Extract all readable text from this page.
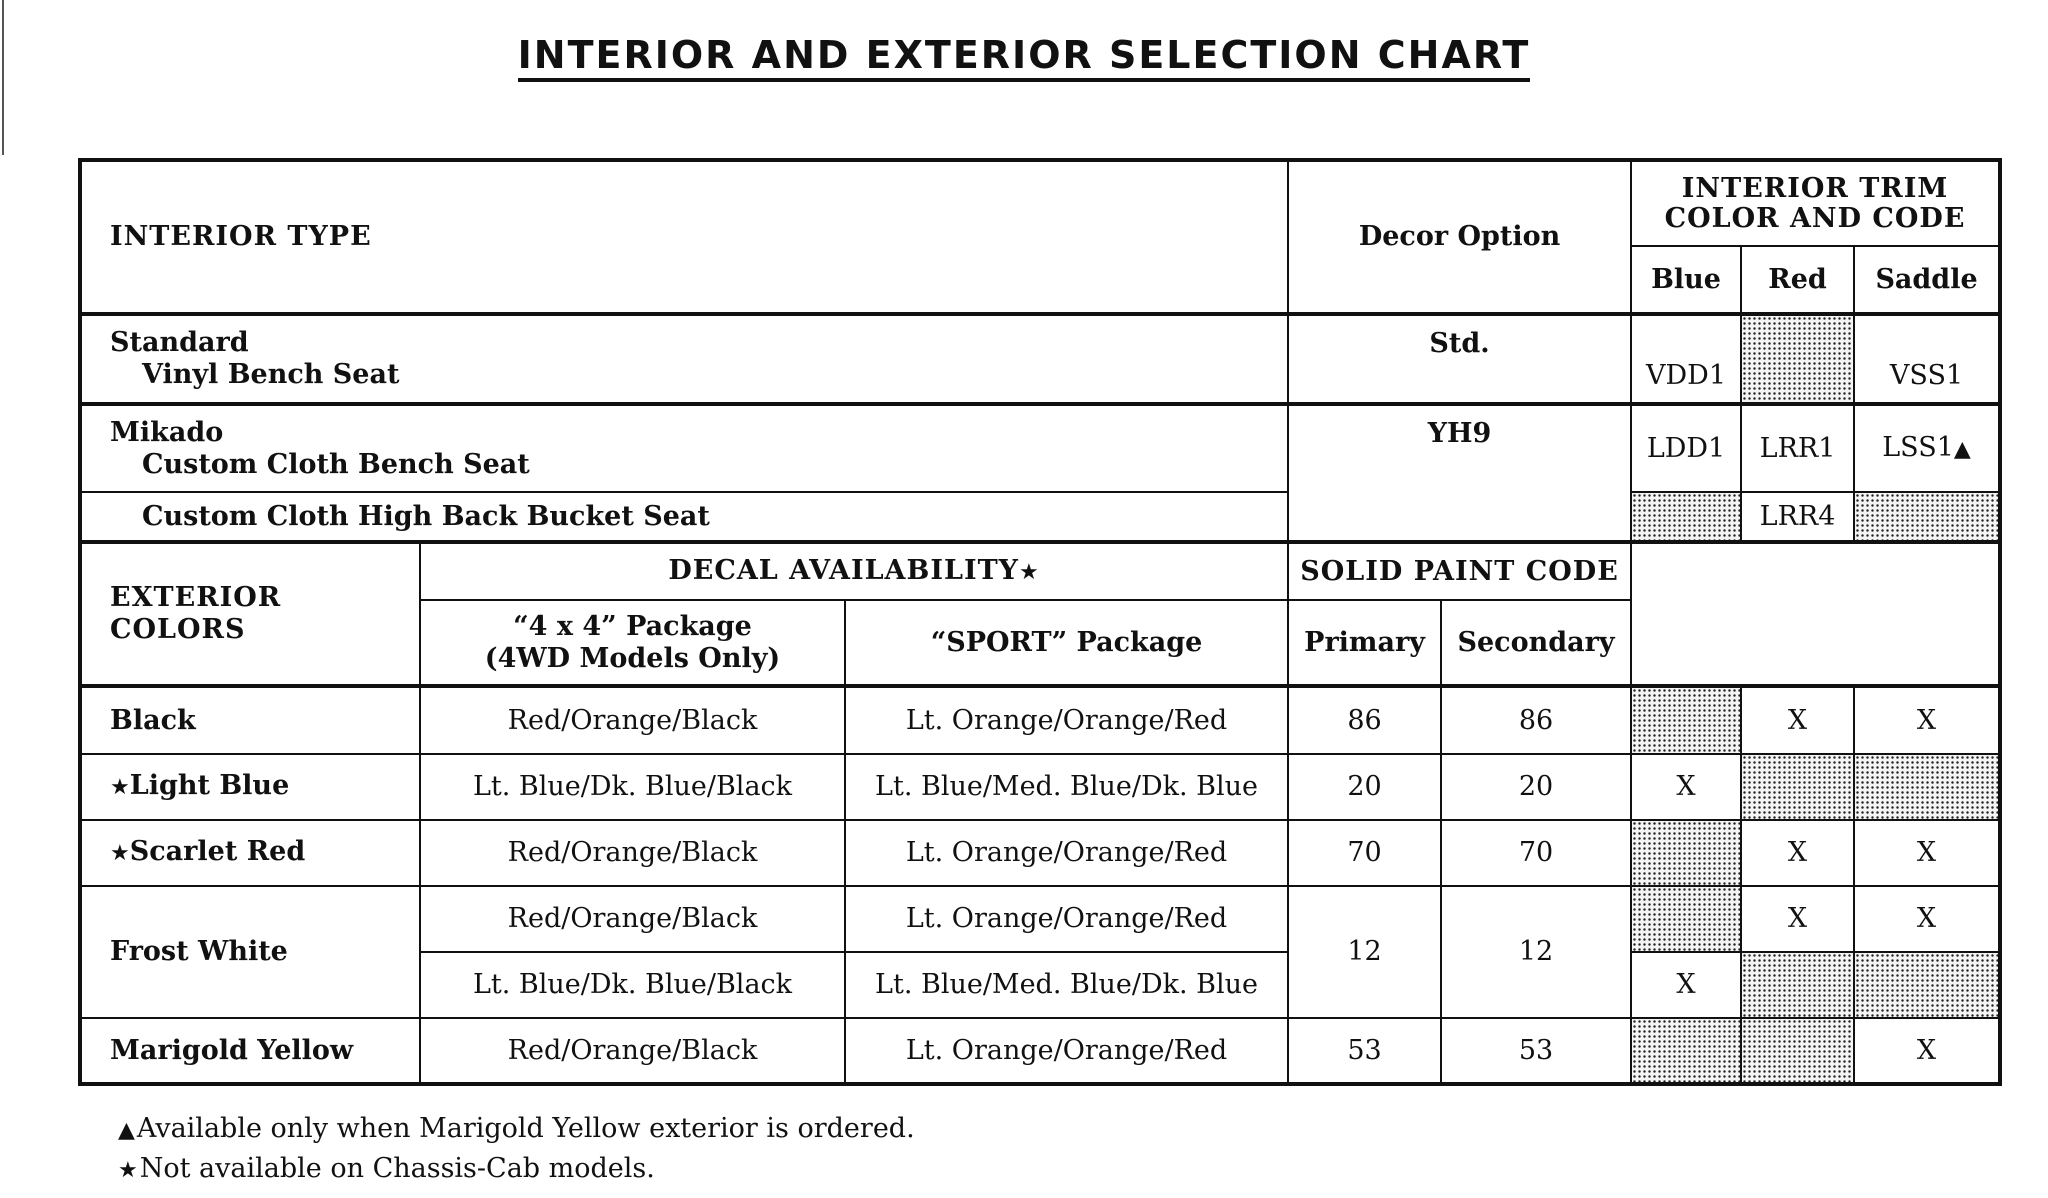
INTERIOR AND EXTERIOR SELECTION CHART
INTERIOR TYPE			Decor Option		INTERIOR TRIM COLOR AND CODE		
					Blue	Red	Saddle
Standard
Vinyl Bench Seat			Std.		VDD1		VSS1
Mikado
Custom Cloth Bench Seat			YH9		LDD1	LRR1	LSS1▲
Custom Cloth High Back Bucket Seat						LRR4	
EXTERIOR COLORS	DECAL AVAILABILITY★		SOLID PAINT CODE				

	“4 x 4” Package
(4WD Models Only)	“SPORT” Package	Primary	Secondary			
Black	Red/Orange/Black	Lt. Orange/Orange/Red	86	86		X	X
★Light Blue	Lt. Blue/Dk. Blue/Black	Lt. Blue/Med. Blue/Dk. Blue	20	20	X		
★Scarlet Red	Red/Orange/Black	Lt. Orange/Orange/Red	70	70		X	X
Frost White	Red/Orange/Black	Lt. Orange/Orange/Red	12	12		X	X
	Lt. Blue/Dk. Blue/Black	Lt. Blue/Med. Blue/Dk. Blue			X		
Marigold Yellow	Red/Orange/Black	Lt. Orange/Orange/Red	53	53			X
▲Available only when Marigold Yellow exterior is ordered.
★Not available on Chassis-Cab models.
